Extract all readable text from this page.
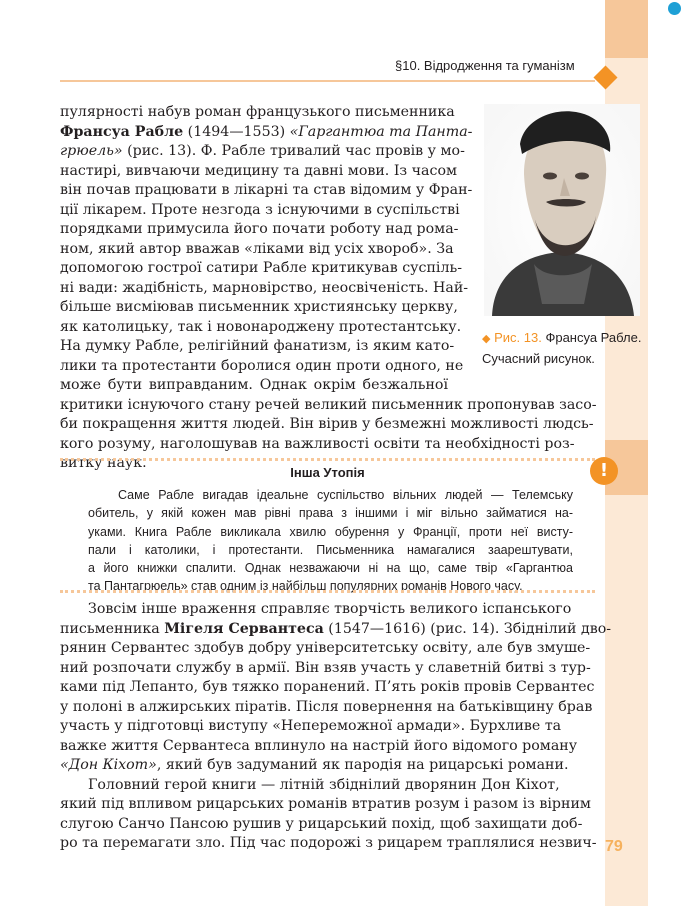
§10. Відродження та гуманізм
пулярності набув роман французького письменника
Франсуа Рабле (1494—1553) «Гаргантюа та Панта-
грюель» (рис. 13). Ф. Рабле тривалий час провів у мо-
настирі, вивчаючи медицину та давні мови. Із часом
він почав працювати в лікарні та став відомим у Фран-
ції лікарем. Проте незгода з існуючими в суспільстві
порядками примусила його почати роботу над рома-
ном, який автор вважав «ліками від усіх хвороб». За
допомогою гострої сатири Рабле критикував суспіль-
ні вади: жадібність, марновірство, неосвіченість. Най-
більше висміював письменник християнську церкву,
як католицьку, так і новонароджену протестантську.
На думку Рабле, релігійний фанатизм, із яким като-
лики та протестанти боролися один проти одного, не
може бути виправданим. Однак окрім безжальної
критики існуючого стану речей великий письменник пропонував засо-
би покращення життя людей. Він вірив у безмежні можливості людсь-
кого розуму, наголошував на важливості освіти та необхідності роз-
витку наук.
◆ Рис. 13. Франсуа Рабле.
Сучасний рисунок.
!
Інша Утопія
Саме Рабле вигадав ідеальне суспільство вільних людей — Телемську
обитель, у якій кожен мав рівні права з іншими і міг вільно займатися на-
уками. Книга Рабле викликала хвилю обурення у Франції, проти неї висту-
пали і католики, і протестанти. Письменника намагалися заарештувати,
а його книжки спалити. Однак незважаючи ні на що, саме твір «Гаргантюа
та Пантагрюель» став одним із найбільш популярних романів Нового часу.
Зовсім інше враження справляє творчість великого іспанського
письменника Мігеля Сервантеса (1547—1616) (рис. 14). Збіднілий дво-
рянин Сервантес здобув добру університетську освіту, але був змуше-
ний розпочати службу в армії. Він взяв участь у славетній битві з тур-
ками під Лепанто, був тяжко поранений. П’ять років провів Сервантес
у полоні в алжирських піратів. Після повернення на батьківщину брав
участь у підготовці виступу «Непереможної армади». Бурхливе та
важке життя Сервантеса вплинуло на настрій його відомого роману
«Дон Кіхот», який був задуманий як пародія на рицарські романи.
Головний герой книги — літній збіднілий дворянин Дон Кіхот,
який під впливом рицарських романів втратив розум і разом із вірним
слугою Санчо Пансою рушив у рицарський похід, щоб захищати доб-
ро та перемагати зло. Під час подорожі з рицарем траплялися незвич- 79
